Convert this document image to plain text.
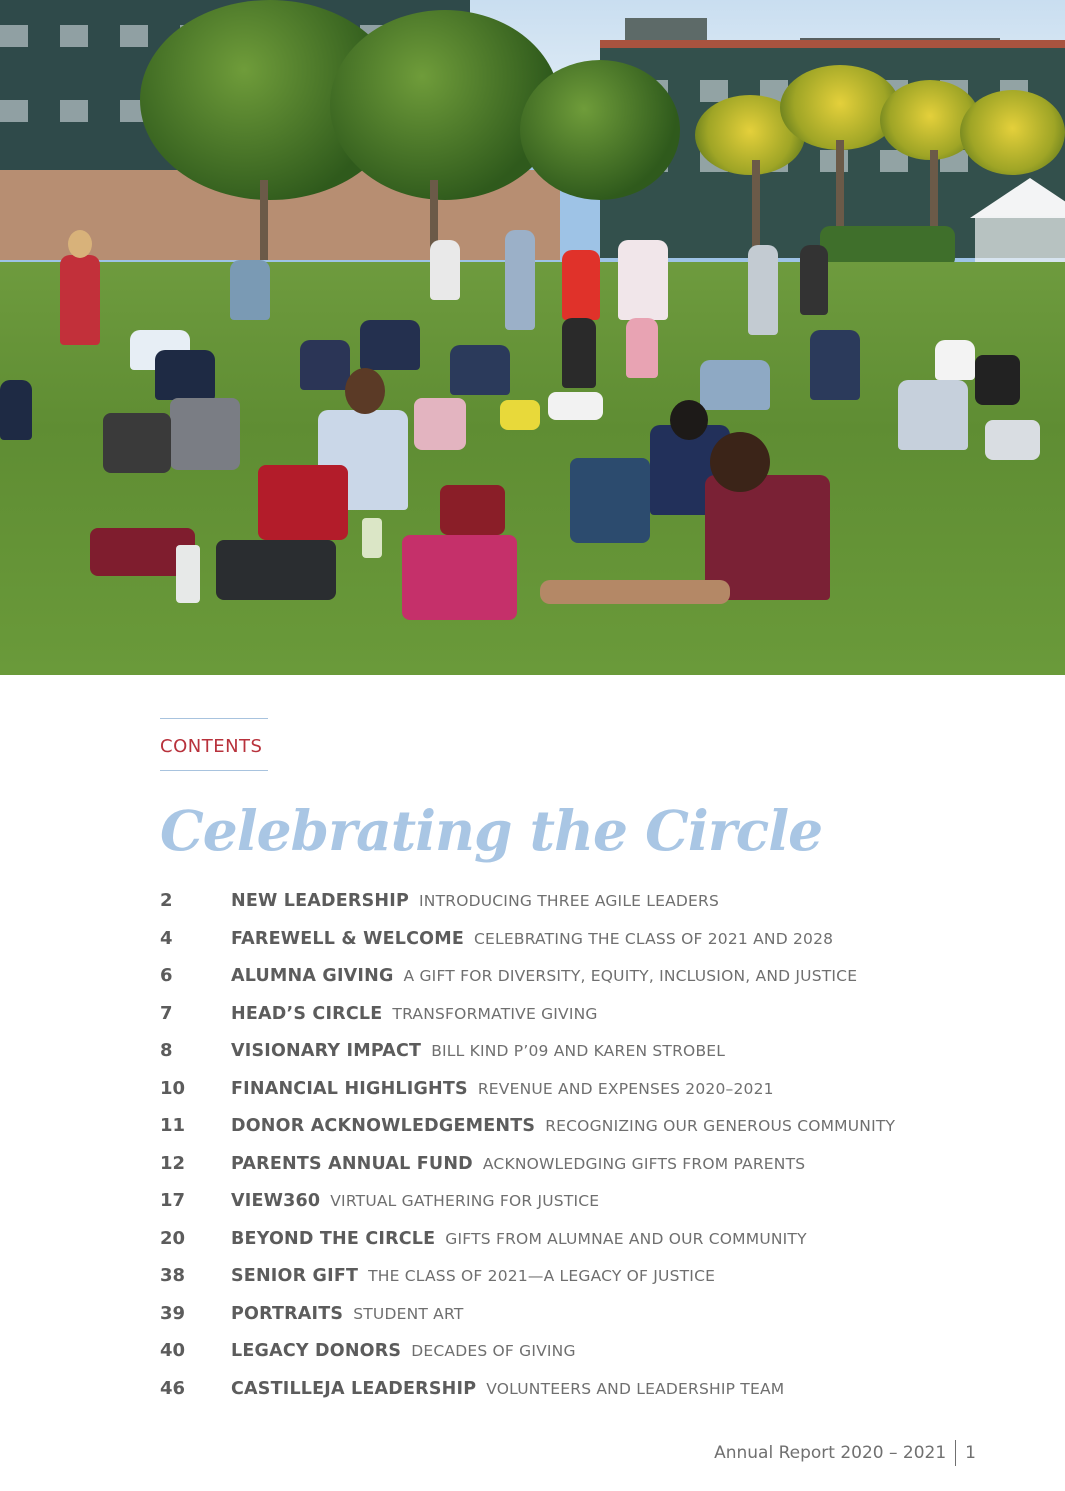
CONTENTS
Celebrating the Circle
2	NEW LEADERSHIP INTRODUCING THREE AGILE LEADERS
4	FAREWELL & WELCOME CELEBRATING THE CLASS OF 2021 AND 2028
6	ALUMNA GIVING A GIFT FOR DIVERSITY, EQUITY, INCLUSION, AND JUSTICE
7	HEAD’S CIRCLE TRANSFORMATIVE GIVING
8	VISIONARY IMPACT BILL KIND P’09 AND KAREN STROBEL
10	FINANCIAL HIGHLIGHTS REVENUE AND EXPENSES 2020–2021
11	DONOR ACKNOWLEDGEMENTS RECOGNIZING OUR GENEROUS COMMUNITY
12	PARENTS ANNUAL FUND ACKNOWLEDGING GIFTS FROM PARENTS
17	VIEW360 VIRTUAL GATHERING FOR JUSTICE
20	BEYOND THE CIRCLE GIFTS FROM ALUMNAE AND OUR COMMUNITY
38	SENIOR GIFT THE CLASS OF 2021—A LEGACY OF JUSTICE
39	PORTRAITS STUDENT ART
40	LEGACY DONORS DECADES OF GIVING
46	CASTILLEJA LEADERSHIP VOLUNTEERS AND LEADERSHIP TEAM
Annual Report 2020 – 2021 1
